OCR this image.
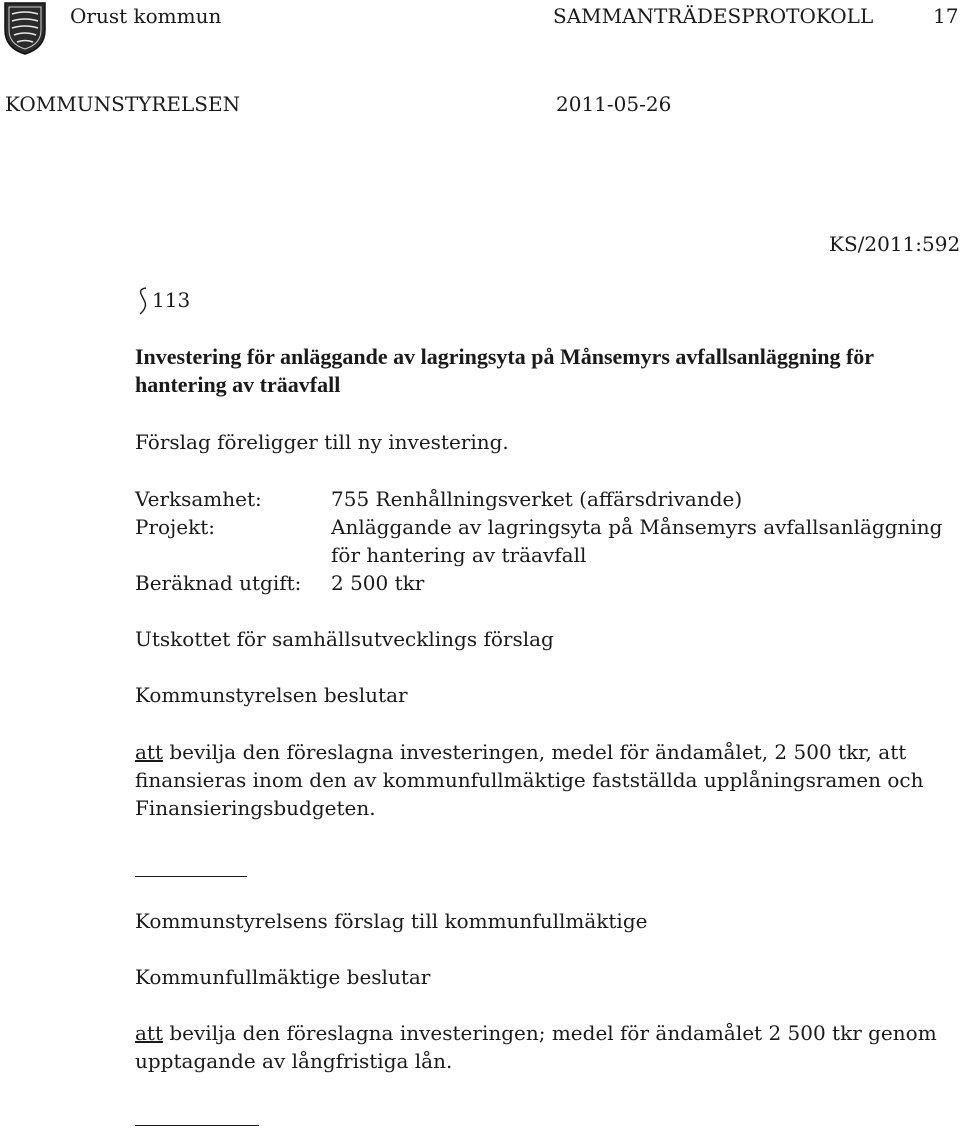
Orust kommun	SAMMANTRÄDESPROTOKOLL	17
KOMMUNSTYRELSEN	2011-05-26
KS/2011:592
113
Investering för anläggande av lagringsyta på Månsemyrs avfallsanläggning för
hantering av träavfall
Förslag föreligger till ny investering.
Verksamhet:	755 Renhållningsverket (affärsdrivande)
Projekt:	Anläggande av lagringsyta på Månsemyrs avfallsanläggning
för hantering av träavfall
Beräknad utgift: 2 500 tkr
Utskottet för samhällsutvecklings förslag
Kommunstyrelsen beslutar
att bevilja den föreslagna investeringen, medel för ändamålet, 2 500 tkr, att
finansieras inom den av kommunfullmäktige fastställda upplåningsramen och
Finansieringsbudgeten.
Kommunstyrelsens förslag till kommunfullmäktige
Kommunfullmäktige beslutar
att bevilja den föreslagna investeringen; medel för ändamålet 2 500 tkr genom
upptagande av långfristiga lån.
